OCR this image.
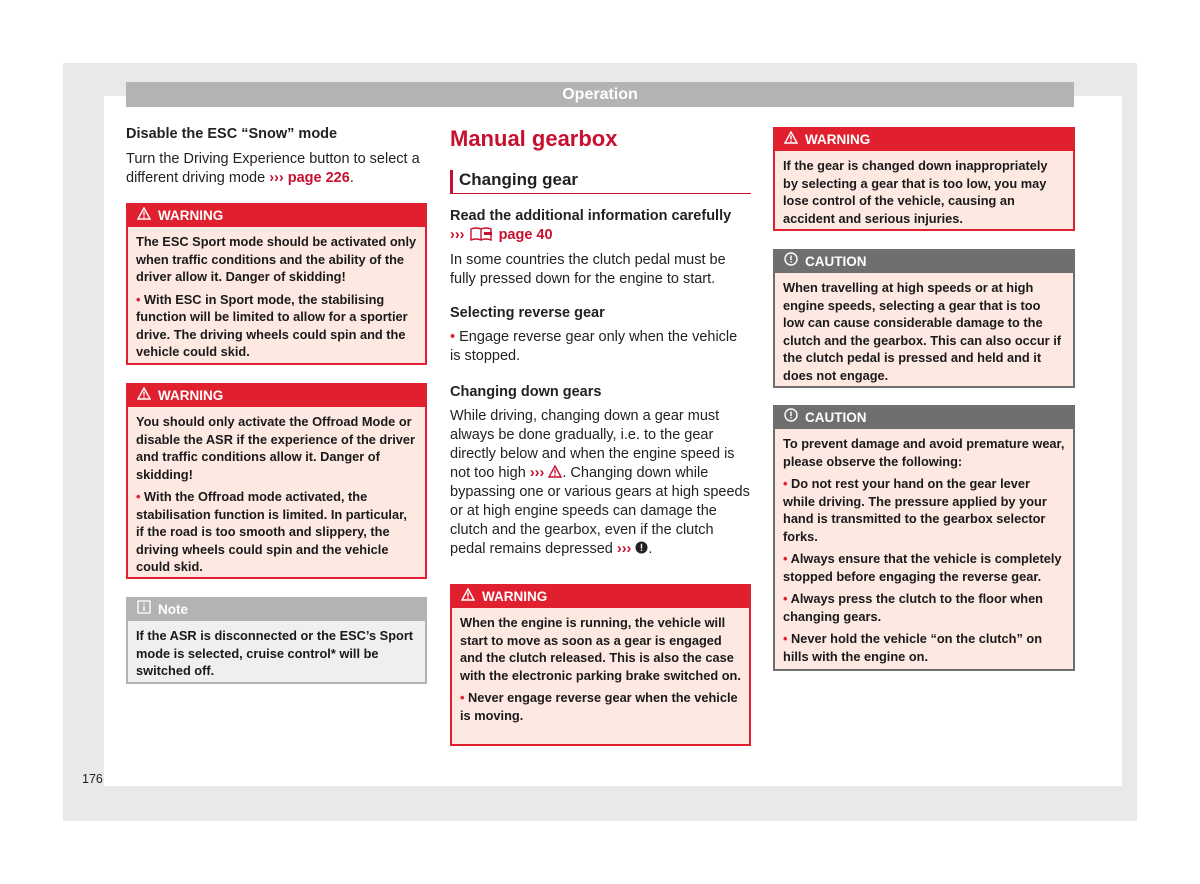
Operation

Disable the ESC “Snow” mode

Turn the Driving Experience button to select a different driving mode ››› page 226.

WARNING

The ESC Sport mode should be activated only when traffic conditions and the ability of the driver allow it. Danger of skidding!

• With ESC in Sport mode, the stabilising function will be limited to allow for a sportier drive. The driving wheels could spin and the vehicle could skid.

WARNING

You should only activate the Offroad Mode or disable the ASR if the experience of the driver and traffic conditions allow it. Danger of skidding!

• With the Offroad mode activated, the stabilisation function is limited. In particular, if the road is too smooth and slippery, the driving wheels could spin and the vehicle could skid.

Note

If the ASR is disconnected or the ESC’s Sport mode is selected, cruise control* will be switched off.

Manual gearbox

Changing gear

Read the additional information carefully

››› page 40

In some countries the clutch pedal must be fully pressed down for the engine to start.

Selecting reverse gear

• Engage reverse gear only when the vehicle is stopped.

Changing down gears

While driving, changing down a gear must always be done gradually, i.e. to the gear directly below and when the engine speed is not too high ››› . Changing down while bypassing one or various gears at high speeds or at high engine speeds can damage the clutch and the gearbox, even if the clutch pedal remains depressed ››› .

WARNING

When the engine is running, the vehicle will start to move as soon as a gear is engaged and the clutch released. This is also the case with the electronic parking brake switched on.

• Never engage reverse gear when the vehicle is moving.

WARNING

If the gear is changed down inappropriately by selecting a gear that is too low, you may lose control of the vehicle, causing an accident and serious injuries.

CAUTION

When travelling at high speeds or at high engine speeds, selecting a gear that is too low can cause considerable damage to the clutch and the gearbox. This can also occur if the clutch pedal is pressed and held and it does not engage.

CAUTION

To prevent damage and avoid premature wear, please observe the following:

• Do not rest your hand on the gear lever while driving. The pressure applied by your hand is transmitted to the gearbox selector forks.

• Always ensure that the vehicle is completely stopped before engaging the reverse gear.

• Always press the clutch to the floor when changing gears.

• Never hold the vehicle “on the clutch” on hills with the engine on.

176
